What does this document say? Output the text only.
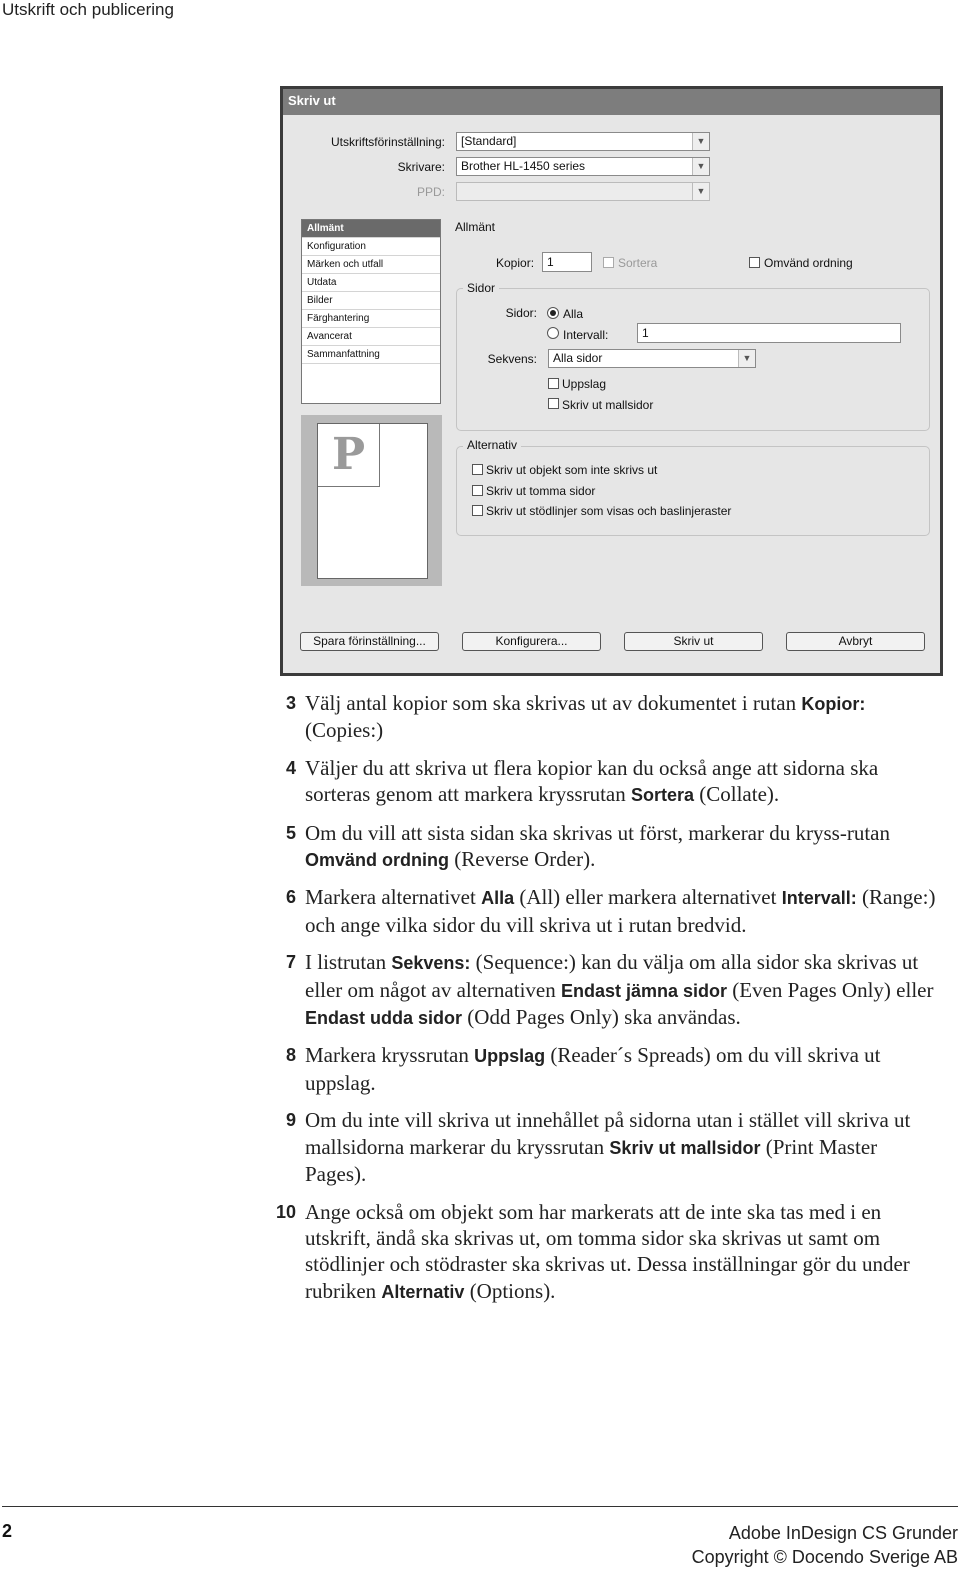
Utskrift och publicering
Skriv ut
Utskriftsförinställning:	[Standard]	▼
Skrivare:	Brother HL-1450 series	▼
PPD:	▼
Allmänt
Konfiguration
Märken och utfall
Utdata
Bilder
Färghantering
Avancerat
Sammanfattning
P
Allmänt
Kopior:	1	Sortera	Omvänd ordning
Sidor
Sidor: Alla
Intervall:	1
Sekvens:	Alla sidor	▼
Uppslag
Skriv ut mallsidor
Alternativ
Skriv ut objekt som inte skrivs ut
Skriv ut tomma sidor
Skriv ut stödlinjer som visas och baslinjeraster
Spara förinställning...	Konfigurera...	Skriv ut	Avbryt
3 Välj antal kopior som ska skrivas ut av dokumentet i rutan Kopior: (Copies:)
4 Väljer du att skriva ut flera kopior kan du också ange att sidorna ska sorteras genom att markera kryssrutan Sortera (Collate).
5 Om du vill att sista sidan ska skrivas ut först, markerar du kryss-rutan Omvänd ordning (Reverse Order).
6 Markera alternativet Alla (All) eller markera alternativet Intervall: (Range:) och ange vilka sidor du vill skriva ut i rutan bredvid.
7 I listrutan Sekvens: (Sequence:) kan du välja om alla sidor ska skrivas ut eller om något av alternativen Endast jämna sidor (Even Pages Only) eller Endast udda sidor (Odd Pages Only) ska användas.
8 Markera kryssrutan Uppslag (Reader´s Spreads) om du vill skriva ut uppslag.
9 Om du inte vill skriva ut innehållet på sidorna utan i stället vill skriva ut mallsidorna markerar du kryssrutan Skriv ut mallsidor (Print Master Pages).
10 Ange också om objekt som har markerats att de inte ska tas med i en utskrift, ändå ska skrivas ut, om tomma sidor ska skrivas ut samt om stödlinjer och stödraster ska skrivas ut. Dessa inställningar gör du under rubriken Alternativ (Options).
2	Adobe InDesign CS Grunder
Copyright © Docendo Sverige AB
